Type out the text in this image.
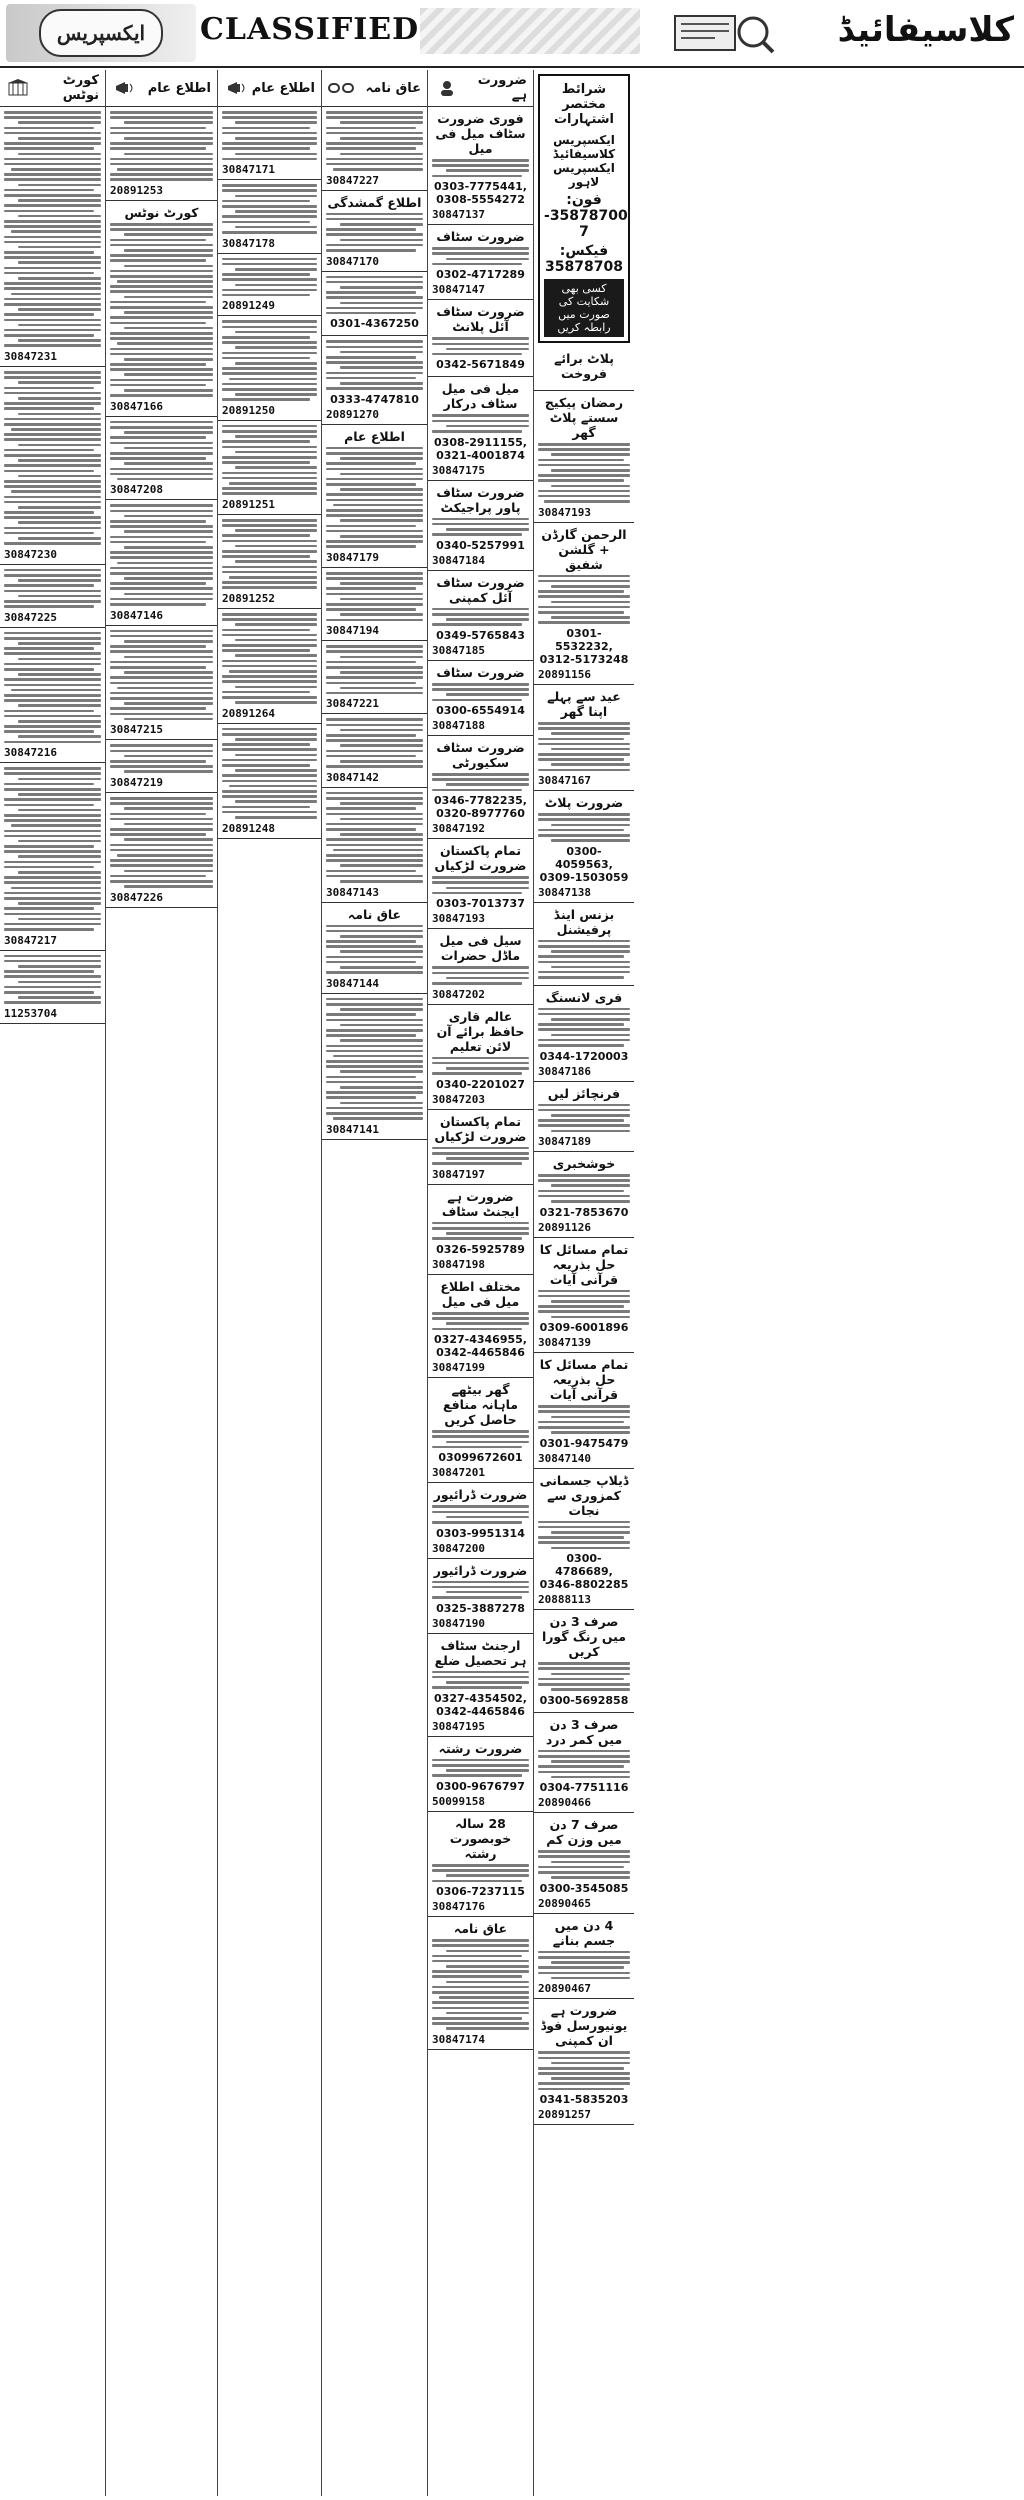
ایکسپریس	CLASSIFIED	کلاسیفائیڈ
کورٹ نوٹس
30847231
30847230
30847225
30847216
30847217
11253704
اطلاع عام
20891253
کورٹ نوٹس
30847166
30847208
30847146
30847215
30847219
30847226
اطلاع عام
30847171
30847178
20891249
20891250
20891251
20891252
20891264
20891248
عاق نامہ
30847227
اطلاع گمشدگی
30847170
0301-4367250
0333-4747810
20891270
اطلاع عام
30847179
30847194
30847221
30847142
30847143
عاق نامہ
30847144
30847141
ضرورت ہے
فوری ضرورت سٹاف میل فی میل
0303-7775441, 0308-5554272
30847137
ضرورت سٹاف
0302-4717289
30847147
ضرورت سٹاف آئل پلانٹ
0342-5671849
میل فی میل سٹاف درکار
0308-2911155, 0321-4001874
30847175
ضرورت سٹاف پاور پراجیکٹ
0340-5257991
30847184
ضرورت سٹاف آئل کمپنی
0349-5765843
30847185
ضرورت سٹاف
0300-6554914
30847188
ضرورت سٹاف سکیورٹی
0346-7782235, 0320-8977760
30847192
تمام پاکستان ضرورت لڑکیاں
0303-7013737
30847193
سیل فی میل ماڈل حضرات
30847202
عالم قاری حافظ برائے آن لائن تعلیم
0340-2201027
30847203
تمام پاکستان ضرورت لڑکیاں
30847197
ضرورت ہے ایجنٹ سٹاف
0326-5925789
30847198
مختلف اطلاع میل فی میل
0327-4346955, 0342-4465846
30847199
گھر بیٹھے ماہانہ منافع حاصل کریں
03099672601
30847201
ضرورت ڈرائیور
0303-9951314
30847200
ضرورت ڈرائیور
0325-3887278
30847190
ارجنٹ سٹاف ہر تحصیل ضلع
0327-4354502, 0342-4465846
30847195
ضرورت رشتہ
0300-9676797
50099158
28 سالہ خوبصورت رشتہ
0306-7237115
30847176
عاق نامہ
30847174
شرائط مختصر اشتہارات
ایکسپریس کلاسیفائیڈ ایکسپریس لاہور
فون: 35878700-7
فیکس: 35878708
کسی بھی شکایت کی صورت میں رابطہ کریں
پلاٹ برائے فروخت
رمضان پیکیج سستے پلاٹ گھر
30847193
الرحمن گارڈن + گلشن شفیق
0301-5532232, 0312-5173248
20891156
عید سے پہلے اپنا گھر
30847167
ضرورت پلاٹ
0300-4059563, 0309-1503059
30847138
بزنس اینڈ پرفیشنل
فری لانسنگ
0344-1720003
30847186
فرنچائز لیں
30847189
خوشخبری
0321-7853670
20891126
تمام مسائل کا حل بذریعہ قرآنی آیات
0309-6001896
30847139
تمام مسائل کا حل بذریعہ قرآنی آیات
0301-9475479
30847140
ڈیلاپ جسمانی کمزوری سے نجات
0300-4786689, 0346-8802285
20888113
صرف 3 دن میں رنگ گورا کریں
0300-5692858
صرف 3 دن میں کمر درد
0304-7751116
20890466
صرف 7 دن میں وزن کم
0300-3545085
20890465
4 دن میں جسم بنانے
20890467
ضرورت ہے یونیورسل فوڈ ان کمپنی
0341-5835203
20891257
